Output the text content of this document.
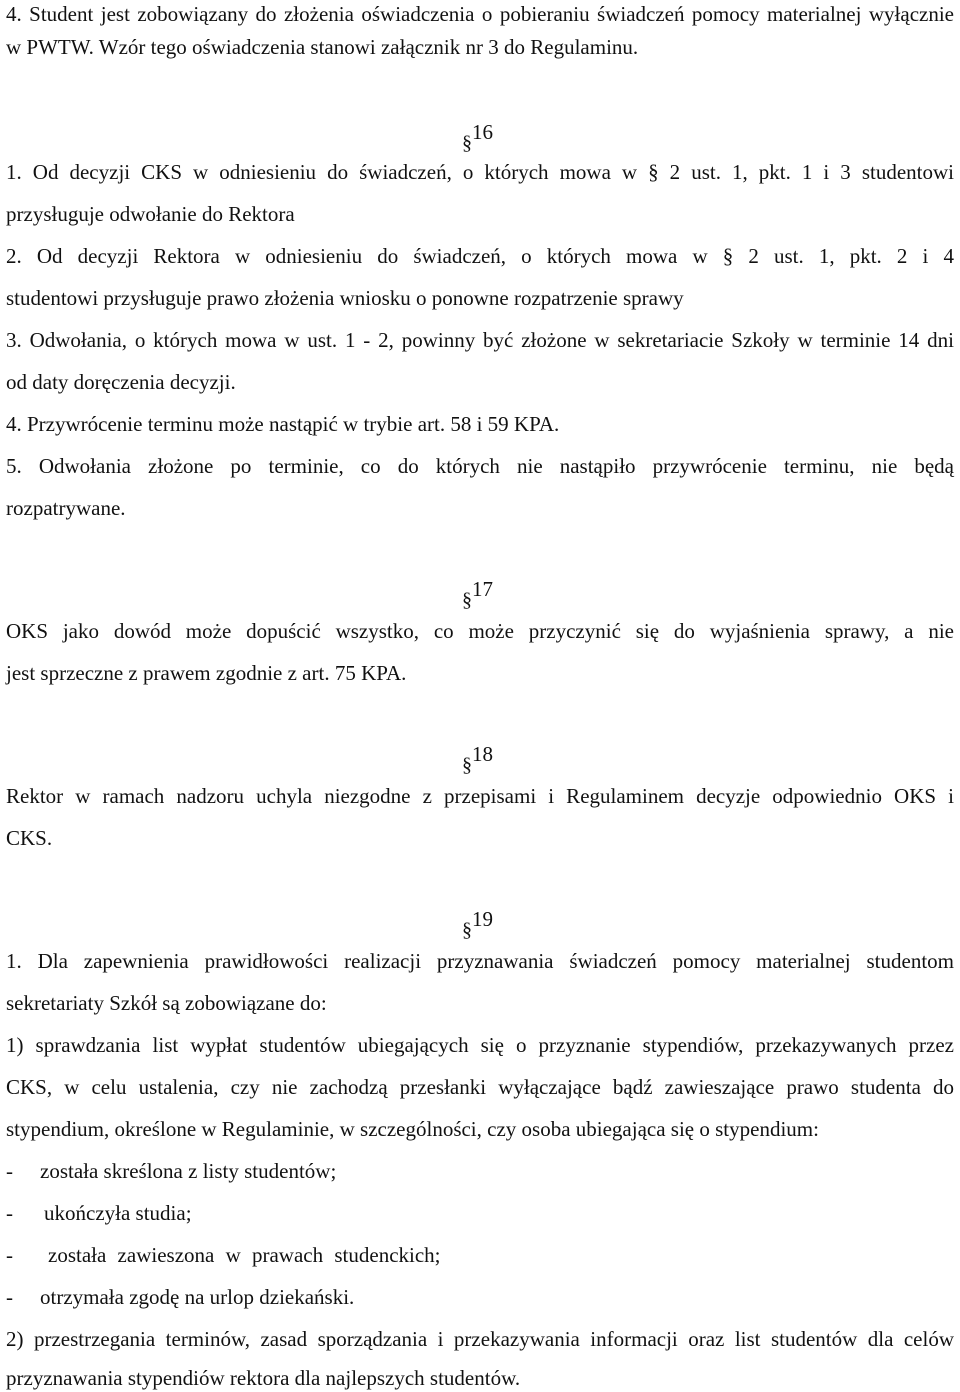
4. Student jest zobowiązany do złożenia oświadczenia o pobieraniu świadczeń pomocy materialnej wyłącznie
w PWTW. Wzór tego oświadczenia stanowi załącznik nr 3 do Regulaminu.
§16
1. Od decyzji CKS w odniesieniu do świadczeń, o których mowa w § 2 ust. 1, pkt. 1 i 3 studentowi
przysługuje odwołanie do Rektora
2. Od decyzji Rektora w odniesieniu do świadczeń, o których mowa w § 2 ust. 1, pkt. 2 i 4
studentowi przysługuje prawo złożenia wniosku o ponowne rozpatrzenie sprawy
3. Odwołania, o których mowa w ust. 1 - 2, powinny być złożone w sekretariacie Szkoły w terminie 14 dni
od daty doręczenia decyzji.
4. Przywrócenie terminu może nastąpić w trybie art. 58 i 59 KPA.
5. Odwołania złożone po terminie, co do których nie nastąpiło przywrócenie terminu, nie będą
rozpatrywane.
§17
OKS jako dowód może dopuścić wszystko, co może przyczynić się do wyjaśnienia sprawy, a nie
jest sprzeczne z prawem zgodnie z art. 75 KPA.
§18
Rektor w ramach nadzoru uchyla niezgodne z przepisami i Regulaminem decyzje odpowiednio OKS i
CKS.
§19
1. Dla zapewnienia prawidłowości realizacji przyznawania świadczeń pomocy materialnej studentom
sekretariaty Szkół są zobowiązane do:
1) sprawdzania list wypłat studentów ubiegających się o przyznanie stypendiów, przekazywanych przez
CKS, w celu ustalenia, czy nie zachodzą przesłanki wyłączające bądź zawieszające prawo studenta do
stypendium, określone w Regulaminie, w szczególności, czy osoba ubiegająca się o stypendium:
-	została skreślona z listy studentów;
-	ukończyła studia;
-	została zawieszona w prawach studenckich;
-	otrzymała zgodę na urlop dziekański.
2) przestrzegania terminów, zasad sporządzania i przekazywania informacji oraz list studentów dla celów
przyznawania stypendiów rektora dla najlepszych studentów.
